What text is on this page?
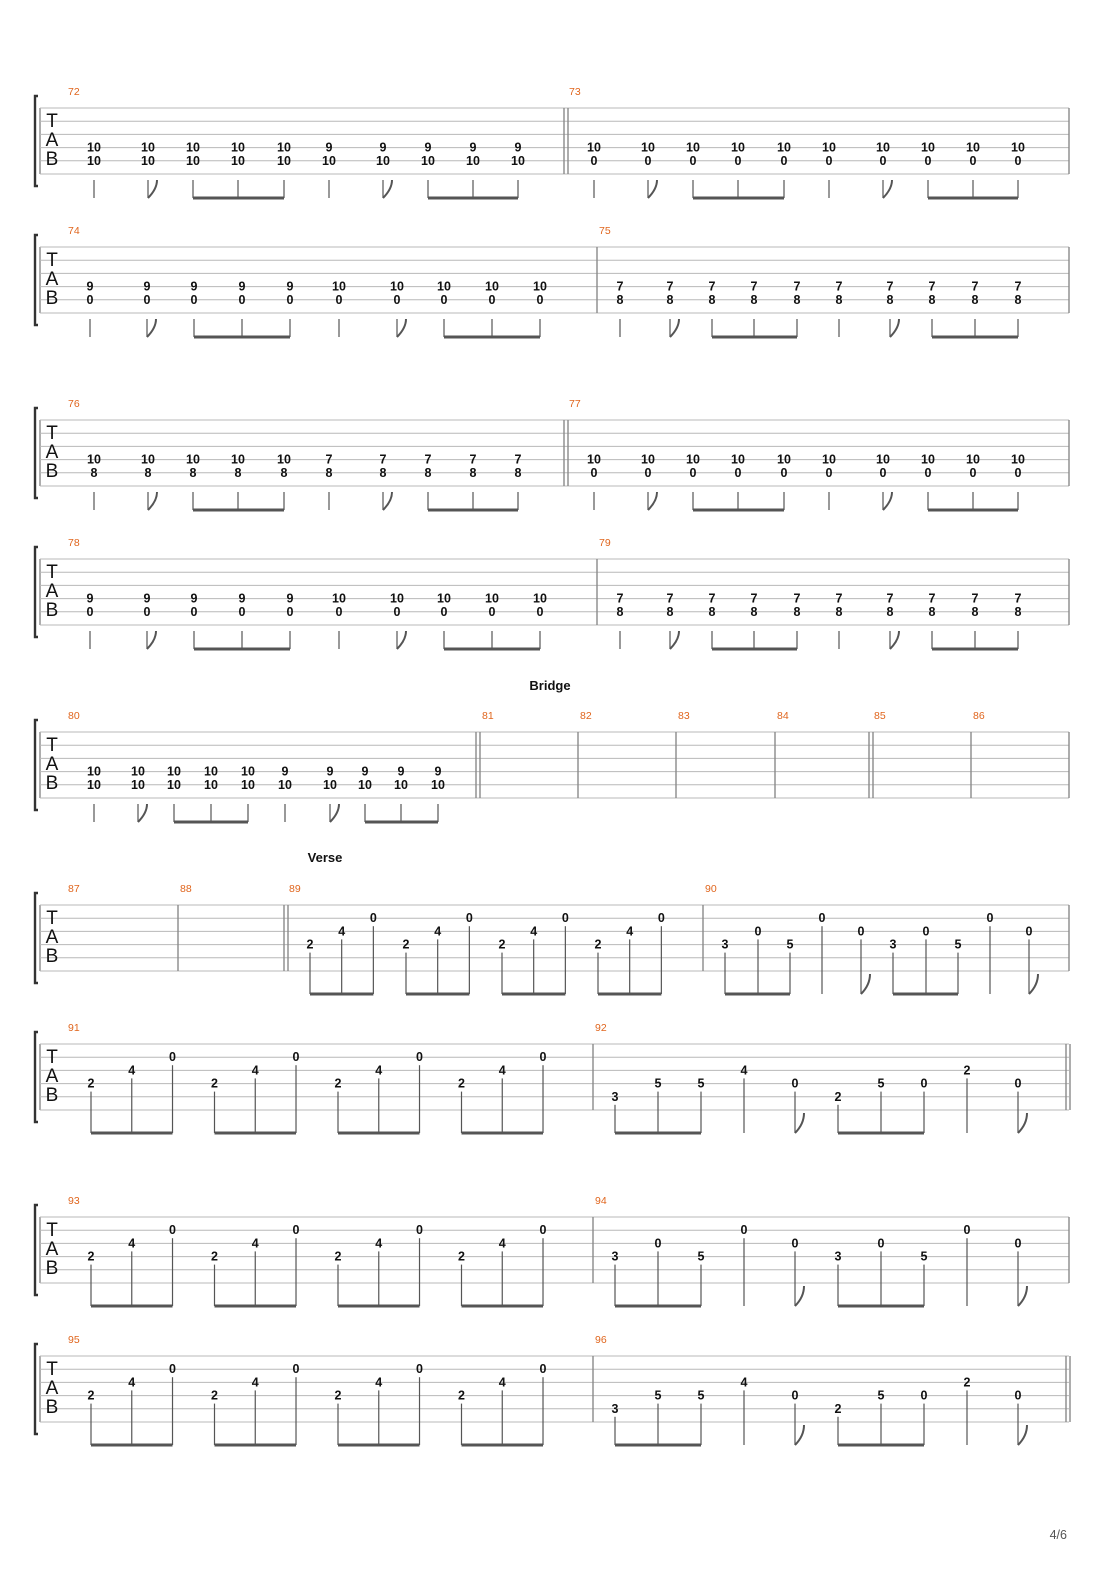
T
A
B
72
10
10
10
10
10
10
10
10
10
10
9
10
9
10
9
10
9
10
9
10
73
10
0
10
0
10
0
10
0
10
0
10
0
10
0
10
0
10
0
10
0
T
A
B
74
9
0
9
0
9
0
9
0
9
0
10
0
10
0
10
0
10
0
10
0
75
7
8
7
8
7
8
7
8
7
8
7
8
7
8
7
8
7
8
7
8
T
A
B
76
10
8
10
8
10
8
10
8
10
8
7
8
7
8
7
8
7
8
7
8
77
10
0
10
0
10
0
10
0
10
0
10
0
10
0
10
0
10
0
10
0
T
A
B
78
9
0
9
0
9
0
9
0
9
0
10
0
10
0
10
0
10
0
10
0
79
7
8
7
8
7
8
7
8
7
8
7
8
7
8
7
8
7
8
7
8
T
A
B
Bridge
80
10
10
10
10
10
10
10
10
10
10
9
10
9
10
9
10
9
10
9
10
81	82	83	84	85	86
T
A
B
Verse
87	88	89
2
4
0
2
4
0
2
4
0
2
4
0
90
3
0
5
0
0
3
0
5
0
0
T
A
B
91
2
4
0
2
4
0
2
4
0
2
4
0
92
3
5	5
4
0
2
5	0
2
0
T
A
B
93
2
4
0
2
4
0
2
4
0
2
4
0
94
3
0
5
0
0
3
0
5
0
0
T
A
B
95
2
4
0
2
4
0
2
4
0
2
4
0
96
3
5	5
4
0
2
5	0
2
0
4/6
